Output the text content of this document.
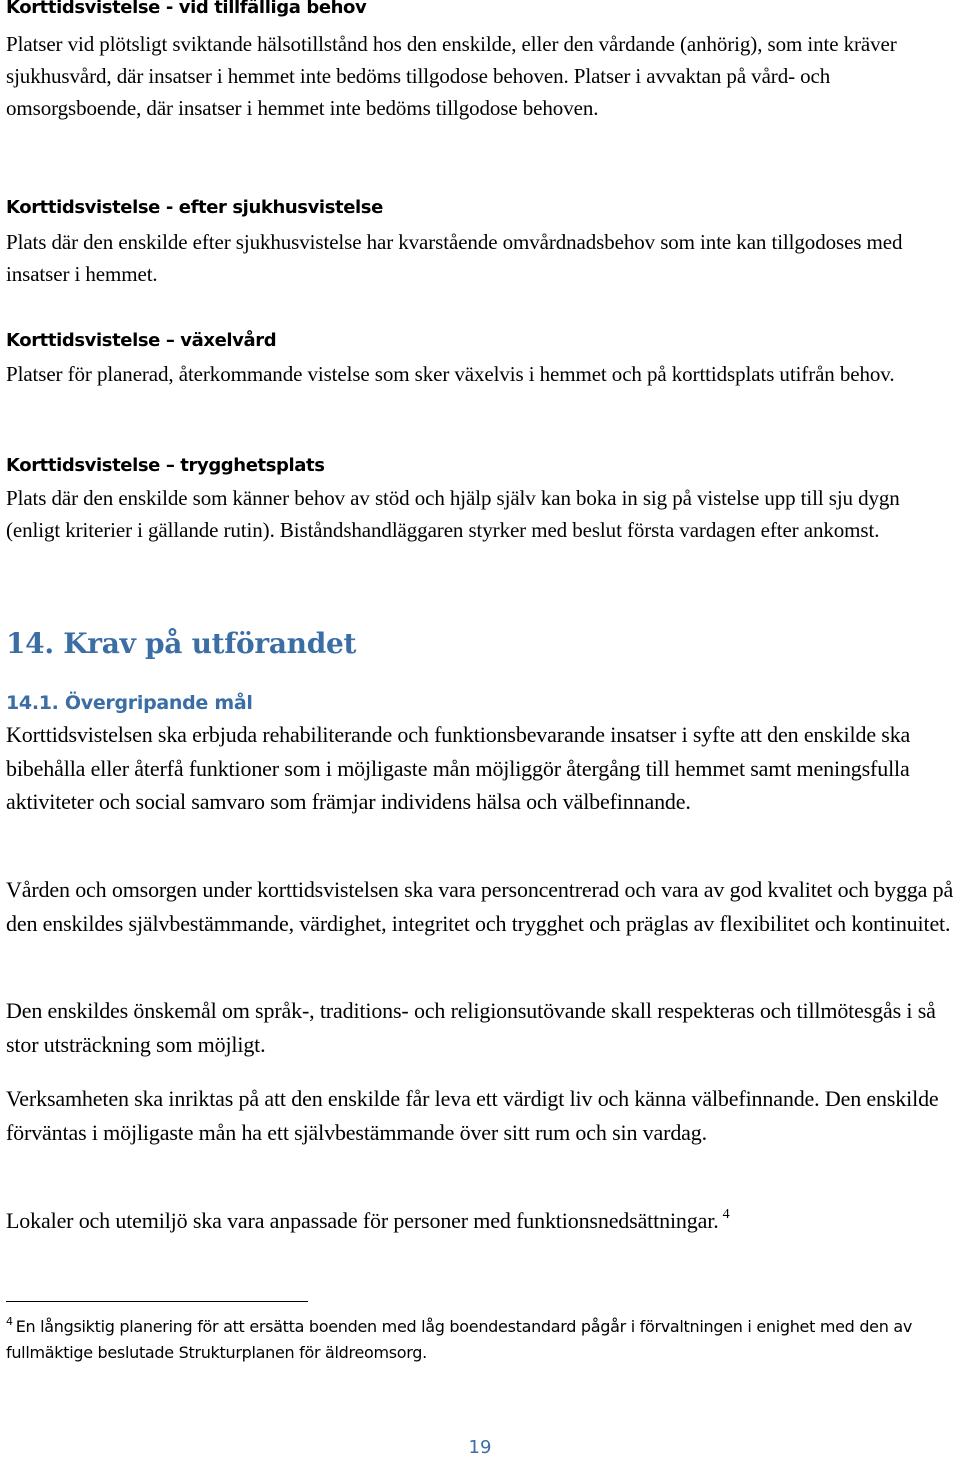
Korttidsvistelse - vid tillfälliga behov

Platser vid plötsligt sviktande hälsotillstånd hos den enskilde, eller den vårdande (anhörig), som inte kräver sjukhusvård, där insatser i hemmet inte bedöms tillgodose behoven. Platser i avvaktan på vård- och omsorgsboende, där insatser i hemmet inte bedöms tillgodose behoven.

Korttidsvistelse - efter sjukhusvistelse

Plats där den enskilde efter sjukhusvistelse har kvarstående omvårdnadsbehov som inte kan tillgodoses med insatser i hemmet.

Korttidsvistelse – växelvård

Platser för planerad, återkommande vistelse som sker växelvis i hemmet och på korttidsplats utifrån behov.

Korttidsvistelse – trygghetsplats

Plats där den enskilde som känner behov av stöd och hjälp själv kan boka in sig på vistelse upp till sju dygn (enligt kriterier i gällande rutin). Biståndshandläggaren styrker med beslut första vardagen efter ankomst.

14. Krav på utförandet
14.1. Övergripande mål

Korttidsvistelsen ska erbjuda rehabiliterande och funktionsbevarande insatser i syfte att den enskilde ska bibehålla eller återfå funktioner som i möjligaste mån möjliggör återgång till hemmet samt meningsfulla aktiviteter och social samvaro som främjar individens hälsa och välbefinnande.

Vården och omsorgen under korttidsvistelsen ska vara personcentrerad och vara av god kvalitet och bygga på den enskildes självbestämmande, värdighet, integritet och trygghet och präglas av flexibilitet och kontinuitet.

Den enskildes önskemål om språk-, traditions- och religionsutövande skall respekteras och tillmötesgås i så stor utsträckning som möjligt.

Verksamheten ska inriktas på att den enskilde får leva ett värdigt liv och känna välbefinnande. Den enskilde förväntas i möjligaste mån ha ett självbestämmande över sitt rum och sin vardag.

Lokaler och utemiljö ska vara anpassade för personer med funktionsnedsättningar. $^4$

$^4$ En långsiktig planering för att ersätta boenden med låg boendestandard pågår i förvaltningen i enighet med den av fullmäktige beslutade Strukturplanen för äldreomsorg.

19
